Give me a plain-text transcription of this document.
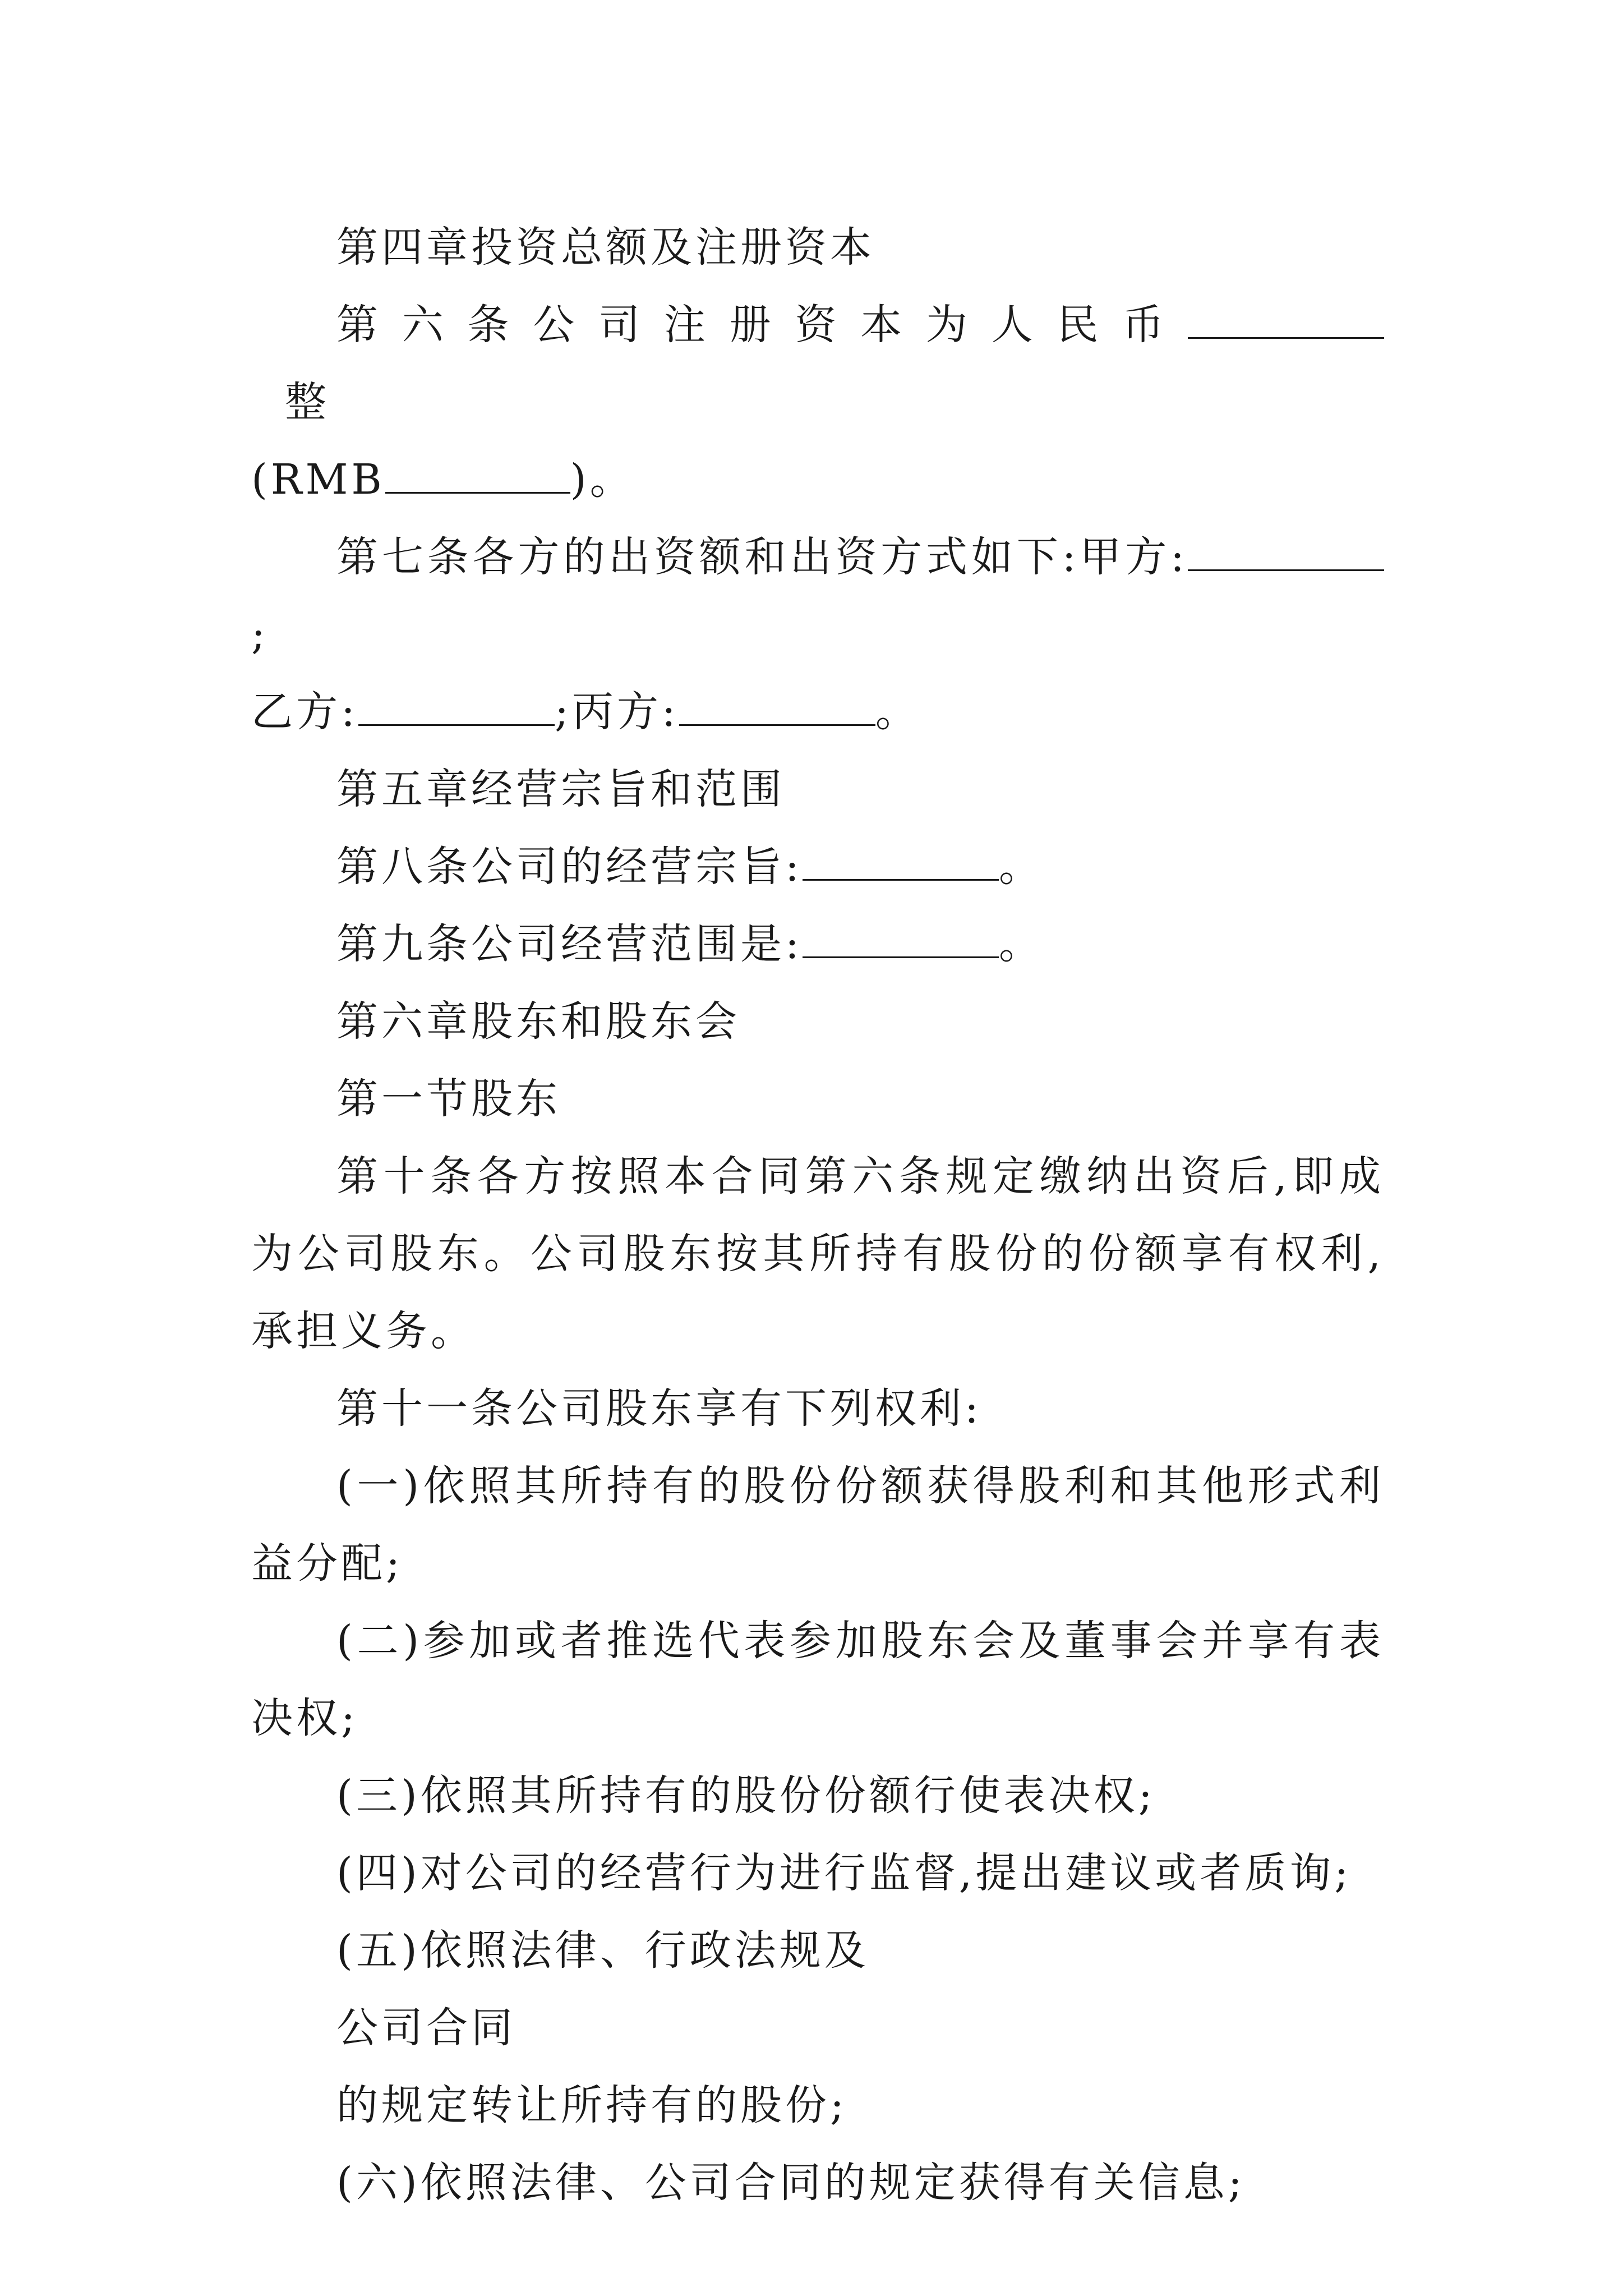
第四章投资总额及注册资本

第六条公司注册资本为人民币整

(RMB	)。

第七条各方的出资额和出资方式如下:甲方:;

乙方:	;丙方:	。

第五章经营宗旨和范围

第八条公司的经营宗旨:	。

第九条公司经营范围是:	。

第六章股东和股东会

第一节股东

第十条各方按照本合同第六条规定缴纳出资后,即成为公司股东。公司股东按其所持有股份的份额享有权利,承担义务。

第十一条公司股东享有下列权利:

(一)依照其所持有的股份份额获得股利和其他形式利益分配;

(二)参加或者推选代表参加股东会及董事会并享有表决权;

(三)依照其所持有的股份份额行使表决权;

(四)对公司的经营行为进行监督,提出建议或者质询;

(五)依照法律、行政法规及

公司合同

的规定转让所持有的股份;

(六)依照法律、公司合同的规定获得有关信息;
